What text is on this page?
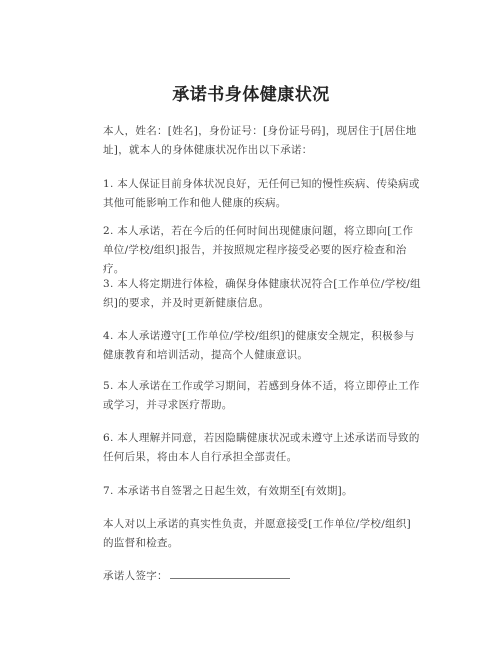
承诺书身体健康状况

本人，姓名：[姓名]，身份证号：[身份证号码]，现居住于[居住地址]，就本人的身体健康状况作出以下承诺：

1. 本人保证目前身体状况良好，无任何已知的慢性疾病、传染病或其他可能影响工作和他人健康的疾病。

2. 本人承诺，若在今后的任何时间出现健康问题，将立即向[工作单位/学校/组织]报告，并按照规定程序接受必要的医疗检查和治疗。

3. 本人将定期进行体检，确保身体健康状况符合[工作单位/学校/组织]的要求，并及时更新健康信息。

4. 本人承诺遵守[工作单位/学校/组织]的健康安全规定，积极参与健康教育和培训活动，提高个人健康意识。

5. 本人承诺在工作或学习期间，若感到身体不适，将立即停止工作或学习，并寻求医疗帮助。

6. 本人理解并同意，若因隐瞒健康状况或未遵守上述承诺而导致的任何后果，将由本人自行承担全部责任。

7. 本承诺书自签署之日起生效，有效期至[有效期]。

本人对以上承诺的真实性负责，并愿意接受[工作单位/学校/组织]的监督和检查。

承诺人签字：
